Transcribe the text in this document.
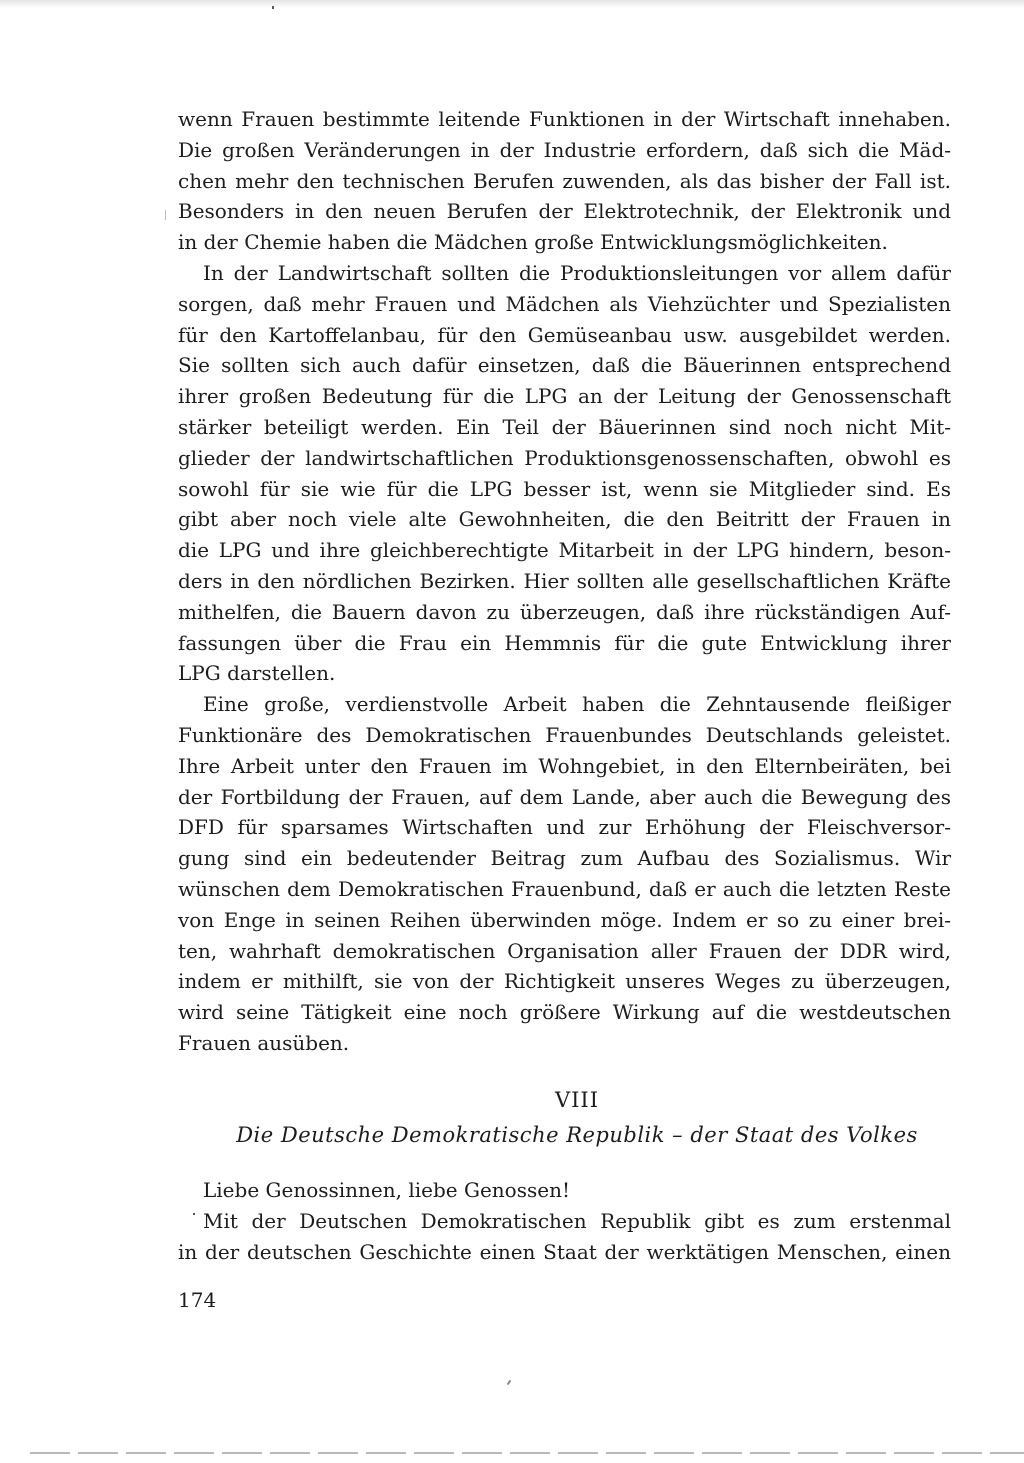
wenn Frauen bestimmte leitende Funktionen in der Wirtschaft innehaben.
Die großen Veränderungen in der Industrie erfordern, daß sich die Mäd-
chen mehr den technischen Berufen zuwenden, als das bisher der Fall ist.
Besonders in den neuen Berufen der Elektrotechnik, der Elektronik und
in der Chemie haben die Mädchen große Entwicklungsmöglichkeiten.
In der Landwirtschaft sollten die Produktionsleitungen vor allem dafür
sorgen, daß mehr Frauen und Mädchen als Viehzüchter und Spezialisten
für den Kartoffelanbau, für den Gemüseanbau usw. ausgebildet werden.
Sie sollten sich auch dafür einsetzen, daß die Bäuerinnen entsprechend
ihrer großen Bedeutung für die LPG an der Leitung der Genossenschaft
stärker beteiligt werden. Ein Teil der Bäuerinnen sind noch nicht Mit-
glieder der landwirtschaftlichen Produktionsgenossenschaften, obwohl es
sowohl für sie wie für die LPG besser ist, wenn sie Mitglieder sind. Es
gibt aber noch viele alte Gewohnheiten, die den Beitritt der Frauen in
die LPG und ihre gleichberechtigte Mitarbeit in der LPG hindern, beson-
ders in den nördlichen Bezirken. Hier sollten alle gesellschaftlichen Kräfte
mithelfen, die Bauern davon zu überzeugen, daß ihre rückständigen Auf-
fassungen über die Frau ein Hemmnis für die gute Entwicklung ihrer
LPG darstellen.
Eine große, verdienstvolle Arbeit haben die Zehntausende fleißiger
Funktionäre des Demokratischen Frauenbundes Deutschlands geleistet.
Ihre Arbeit unter den Frauen im Wohngebiet, in den Elternbeiräten, bei
der Fortbildung der Frauen, auf dem Lande, aber auch die Bewegung des
DFD für sparsames Wirtschaften und zur Erhöhung der Fleischversor-
gung sind ein bedeutender Beitrag zum Aufbau des Sozialismus. Wir
wünschen dem Demokratischen Frauenbund, daß er auch die letzten Reste
von Enge in seinen Reihen überwinden möge. Indem er so zu einer brei-
ten, wahrhaft demokratischen Organisation aller Frauen der DDR wird,
indem er mithilft, sie von der Richtigkeit unseres Weges zu überzeugen,
wird seine Tätigkeit eine noch größere Wirkung auf die westdeutschen
Frauen ausüben.
VIII
Die Deutsche Demokratische Republik – der Staat des Volkes
Liebe Genossinnen, liebe Genossen!
Mit der Deutschen Demokratischen Republik gibt es zum erstenmal
in der deutschen Geschichte einen Staat der werktätigen Menschen, einen
174
